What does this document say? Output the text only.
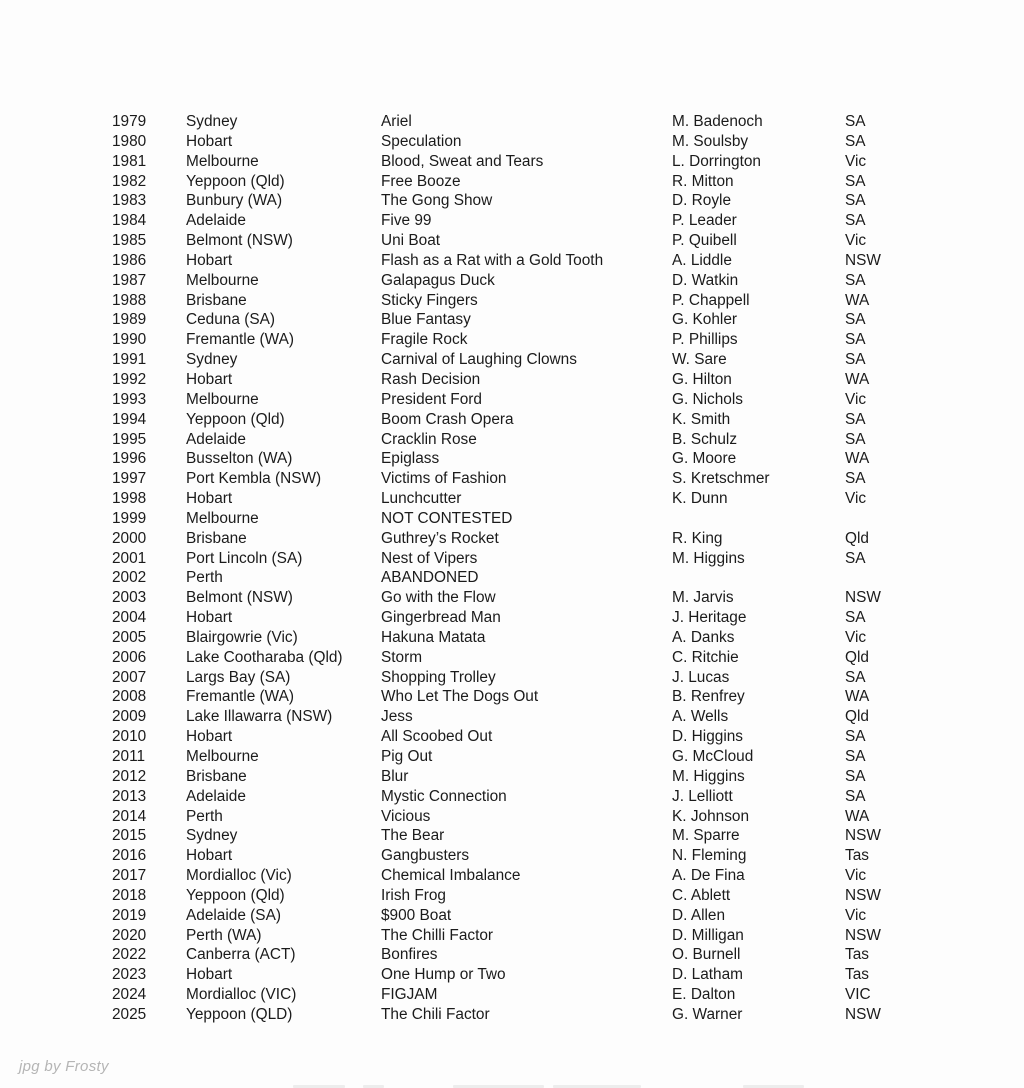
1979	Sydney	Ariel	M. Badenoch	SA
1980	Hobart	Speculation	M. Soulsby	SA
1981	Melbourne	Blood, Sweat and Tears	L. Dorrington	Vic
1982	Yeppoon (Qld)	Free Booze	R. Mitton	SA
1983	Bunbury (WA)	The Gong Show	D. Royle	SA
1984	Adelaide	Five 99	P. Leader	SA
1985	Belmont (NSW)	Uni Boat	P. Quibell	Vic
1986	Hobart	Flash as a Rat with a Gold Tooth	A. Liddle	NSW
1987	Melbourne	Galapagus Duck	D. Watkin	SA
1988	Brisbane	Sticky Fingers	P. Chappell	WA
1989	Ceduna (SA)	Blue Fantasy	G. Kohler	SA
1990	Fremantle (WA)	Fragile Rock	P. Phillips	SA
1991	Sydney	Carnival of Laughing Clowns	W. Sare	SA
1992	Hobart	Rash Decision	G. Hilton	WA
1993	Melbourne	President Ford	G. Nichols	Vic
1994	Yeppoon (Qld)	Boom Crash Opera	K. Smith	SA
1995	Adelaide	Cracklin Rose	B. Schulz	SA
1996	Busselton (WA)	Epiglass	G. Moore	WA
1997	Port Kembla (NSW)	Victims of Fashion	S. Kretschmer	SA
1998	Hobart	Lunchcutter	K. Dunn	Vic
1999	Melbourne	NOT CONTESTED
2000	Brisbane	Guthrey’s Rocket	R. King	Qld
2001	Port Lincoln (SA)	Nest of Vipers	M. Higgins	SA
2002	Perth	ABANDONED
2003	Belmont (NSW)	Go with the Flow	M. Jarvis	NSW
2004	Hobart	Gingerbread Man	J. Heritage	SA
2005	Blairgowrie (Vic)	Hakuna Matata	A. Danks	Vic
2006	Lake Cootharaba (Qld)	Storm	C. Ritchie	Qld
2007	Largs Bay (SA)	Shopping Trolley	J. Lucas	SA
2008	Fremantle (WA)	Who Let The Dogs Out	B. Renfrey	WA
2009	Lake Illawarra (NSW)	Jess	A. Wells	Qld
2010	Hobart	All Scoobed Out	D. Higgins	SA
2011	Melbourne	Pig Out	G. McCloud	SA
2012	Brisbane	Blur	M. Higgins	SA
2013	Adelaide	Mystic Connection	J. Lelliott	SA
2014	Perth	Vicious	K. Johnson	WA
2015	Sydney	The Bear	M. Sparre	NSW
2016	Hobart	Gangbusters	N. Fleming	Tas
2017	Mordialloc (Vic)	Chemical Imbalance	A. De Fina	Vic
2018	Yeppoon (Qld)	Irish Frog	C. Ablett	NSW
2019	Adelaide (SA)	$900 Boat	D. Allen	Vic
2020	Perth (WA)	The Chilli Factor	D. Milligan	NSW
2022	Canberra (ACT)	Bonfires	O. Burnell	Tas
2023	Hobart	One Hump or Two	D. Latham	Tas
2024	Mordialloc (VIC)	FIGJAM	E. Dalton	VIC
2025	Yeppoon (QLD)	The Chili Factor	G. Warner	NSW
jpg by Frosty
